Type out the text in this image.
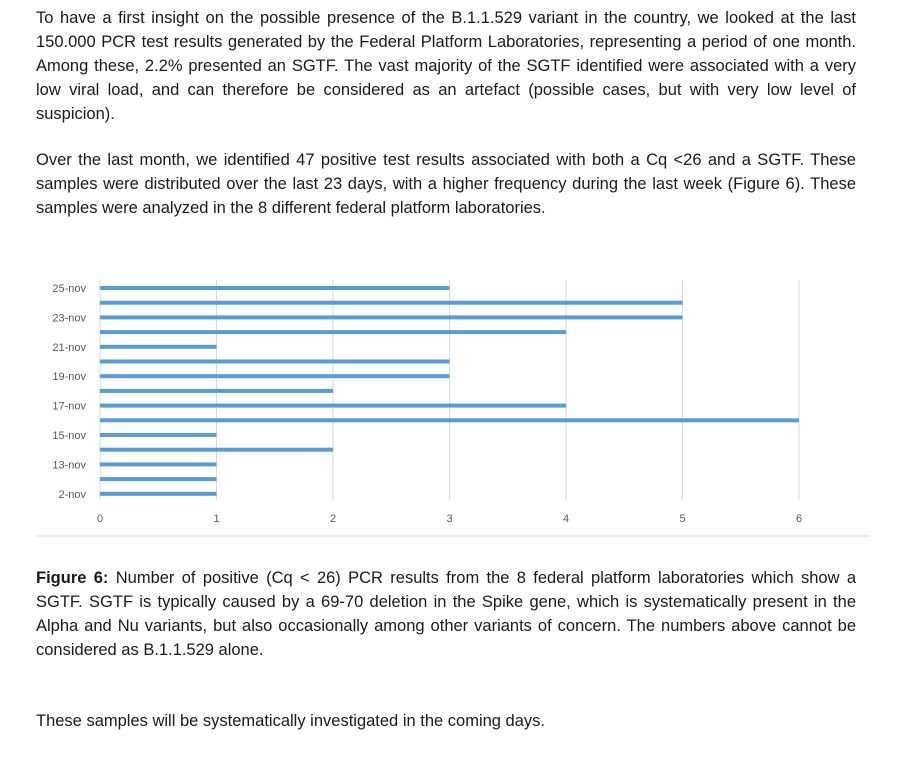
To have a first insight on the possible presence of the B.1.1.529 variant in the country, we looked at the last 150.000 PCR test results generated by the Federal Platform Laboratories, representing a period of one month. Among these, 2.2% presented an SGTF. The vast majority of the SGTF identified were associated with a very low viral load, and can therefore be considered as an artefact (possible cases, but with very low level of suspicion).

Over the last month, we identified 47 positive test results associated with both a Cq <26 and a SGTF. These samples were distributed over the last 23 days, with a higher frequency during the last week (Figure 6). These samples were analyzed in the 8 different federal platform laboratories.

2-nov
13-nov
15-nov
17-nov
19-nov
21-nov
23-nov
25-nov
0	1	2	3	4	5	6

Figure 6: Number of positive (Cq < 26) PCR results from the 8 federal platform laboratories which show a SGTF. SGTF is typically caused by a 69-70 deletion in the Spike gene, which is systematically present in the Alpha and Nu variants, but also occasionally among other variants of concern. The numbers above cannot be considered as B.1.1.529 alone.

These samples will be systematically investigated in the coming days.
